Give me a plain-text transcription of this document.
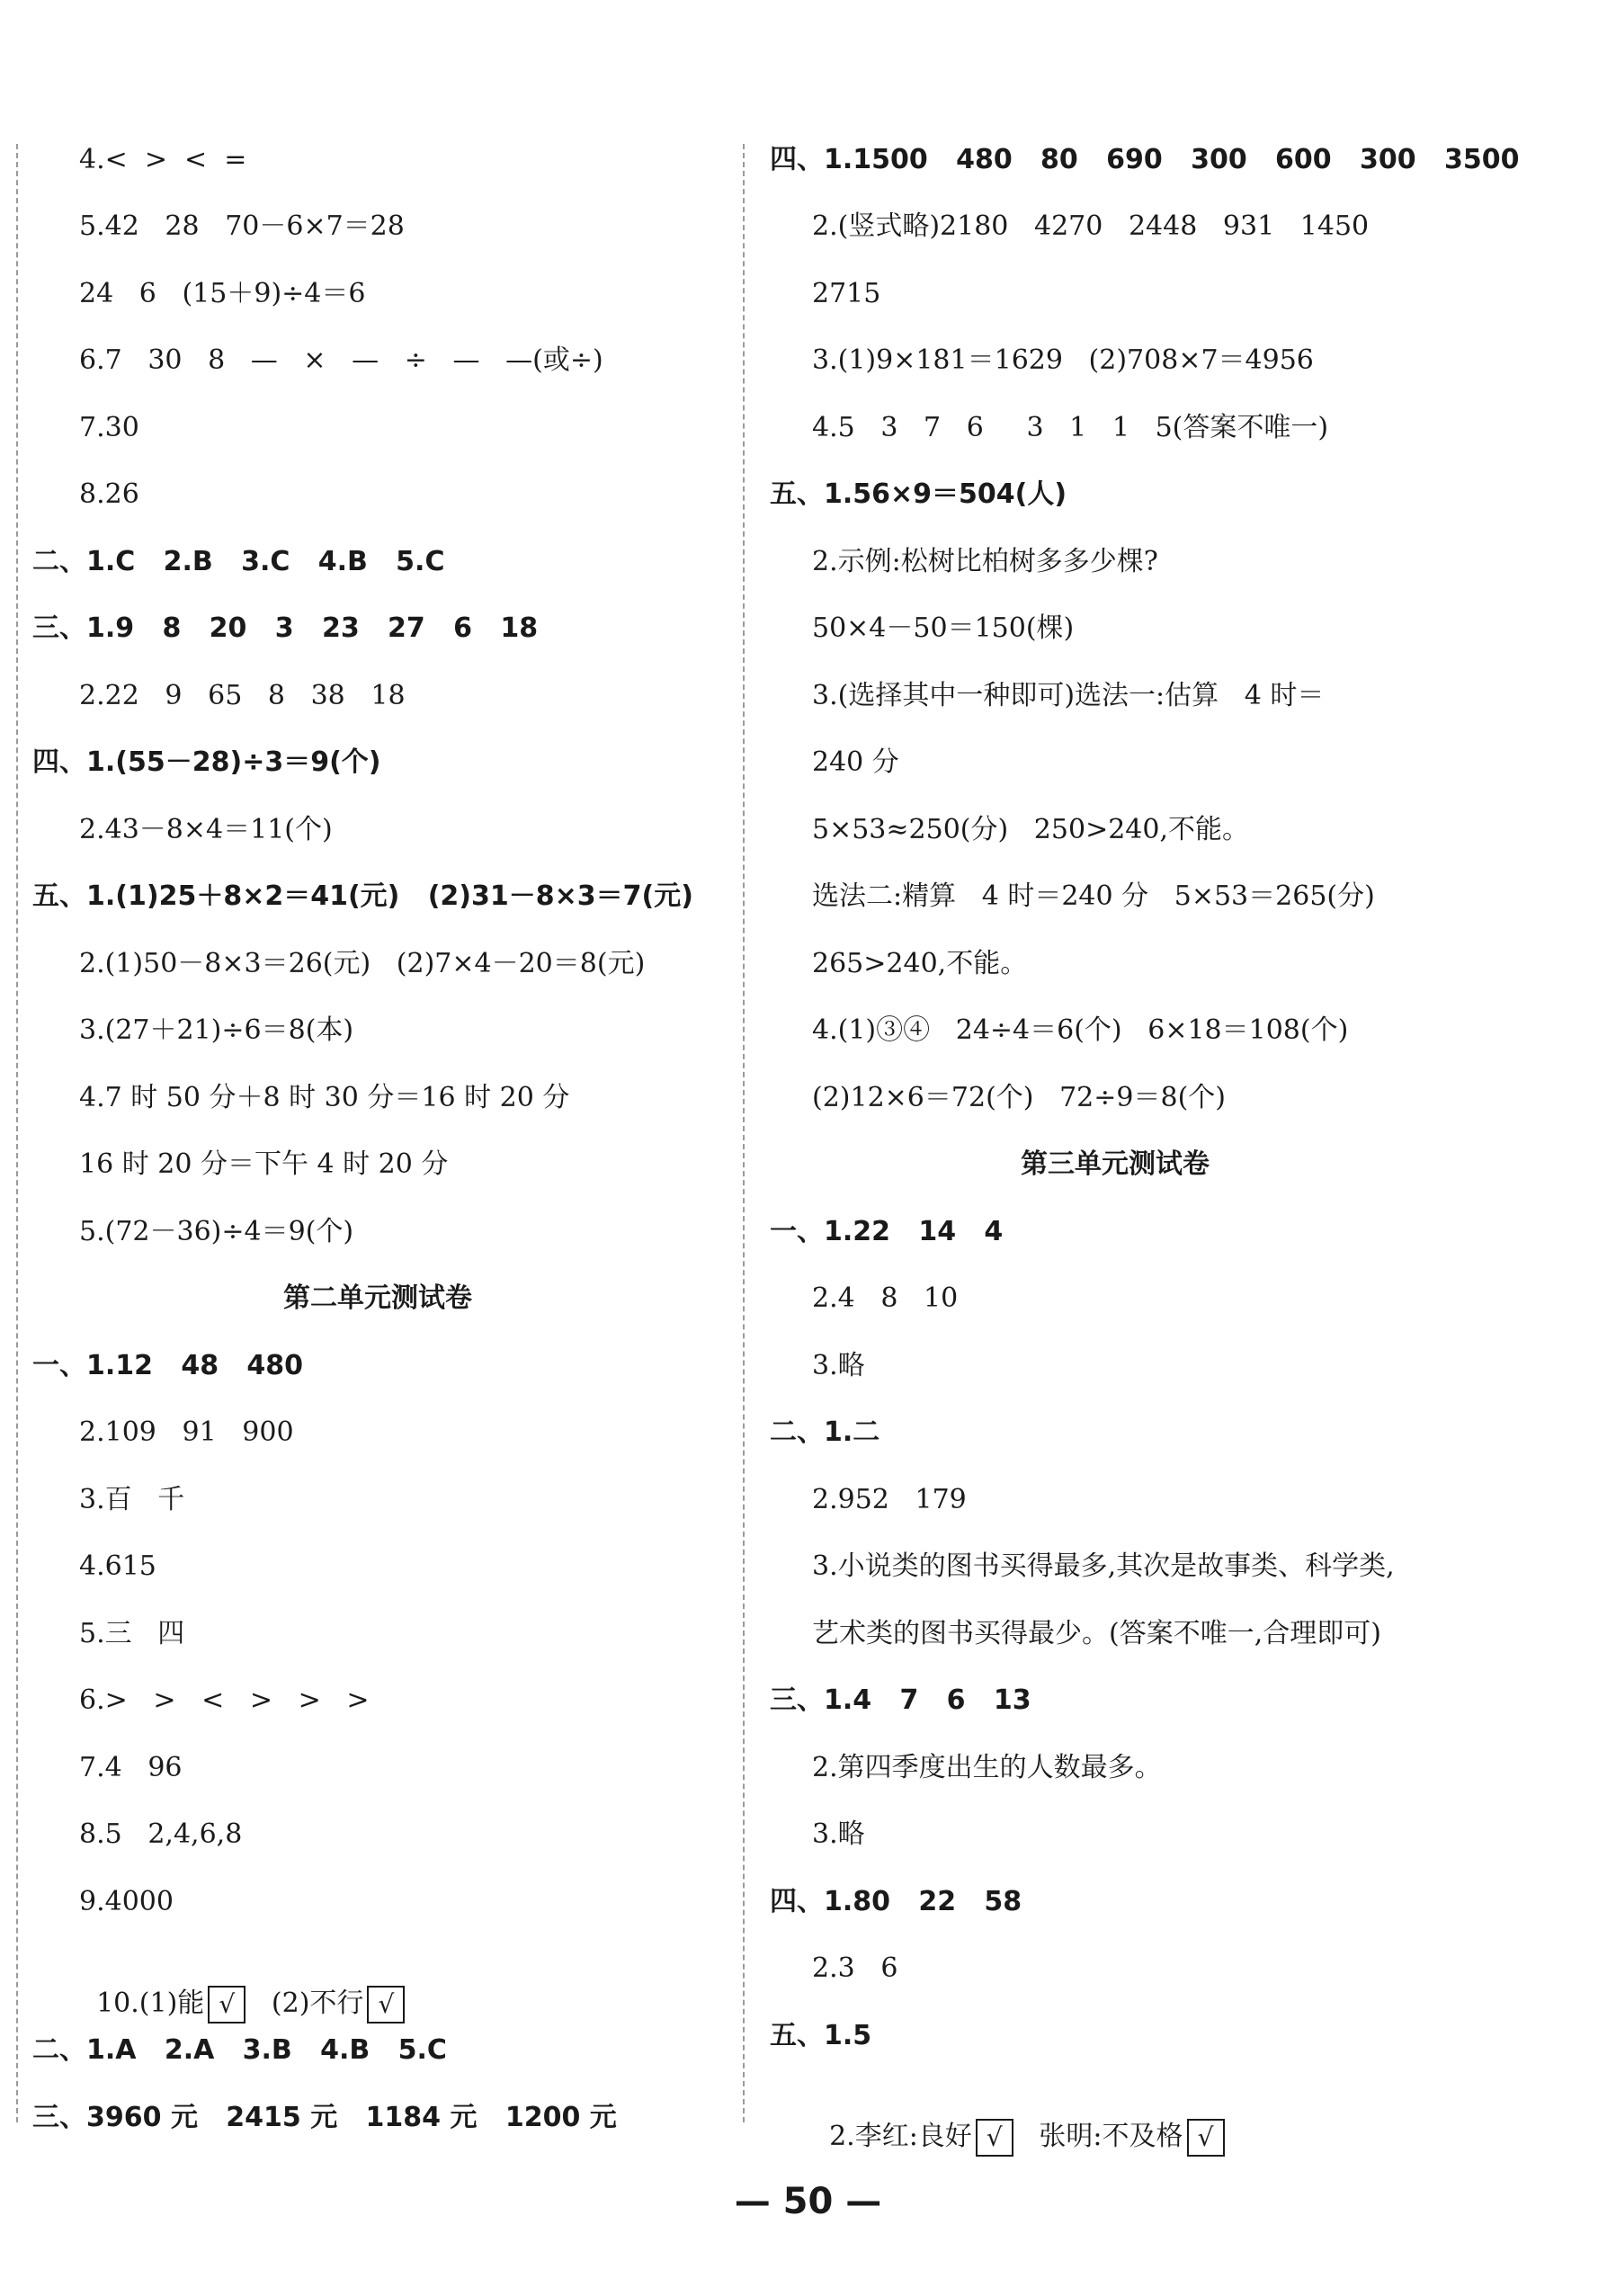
4.<  >  <  =
5.42   28   70－6×7＝28
24   6   (15＋9)÷4＝6
6.7   30   8   —   ×   —   ÷   —   —(或÷)
7.30
8.26
二、1.C   2.B   3.C   4.B   5.C
三、1.9   8   20   3   23   27   6   18
2.22   9   65   8   38   18
四、1.(55－28)÷3＝9(个)
2.43－8×4＝11(个)
五、1.(1)25＋8×2＝41(元)   (2)31－8×3＝7(元)
2.(1)50－8×3＝26(元)   (2)7×4－20＝8(元)
3.(27＋21)÷6＝8(本)
4.7 时 50 分＋8 时 30 分＝16 时 20 分
16 时 20 分＝下午 4 时 20 分
5.(72－36)÷4＝9(个)
第二单元测试卷
一、1.12   48   480
2.109   91   900
3.百   千
4.615
5.三   四
6.>   >   <   >   >   >
7.4   96
8.5   2,4,6,8
9.4000

10.(1)能 √   (2)不行 √

二、1.A   2.A   3.B   4.B   5.C
三、3960 元   2415 元   1184 元   1200 元
四、1.1500   480   80   690   300   600   300   3500
2.(竖式略)2180   4270   2448   931   1450
2715
3.(1)9×181＝1629   (2)708×7＝4956
4.5   3   7   6     3   1   1   5(答案不唯一)
五、1.56×9＝504(人)
2.示例:松树比柏树多多少棵?
50×4－50＝150(棵)
3.(选择其中一种即可)选法一:估算   4 时＝
240 分
5×53≈250(分)   250>240,不能。
选法二:精算   4 时＝240 分   5×53＝265(分)
265>240,不能。
4.(1)③④   24÷4＝6(个)   6×18＝108(个)
(2)12×6＝72(个)   72÷9＝8(个)
第三单元测试卷
一、1.22   14   4
2.4   8   10
3.略
二、1.二
2.952   179
3.小说类的图书买得最多,其次是故事类、科学类,
艺术类的图书买得最少。(答案不唯一,合理即可)
三、1.4   7   6   13
2.第四季度出生的人数最多。
3.略
四、1.80   22   58
2.3   6
五、1.5

2.李红:良好 √   张明:不及格 √

— 50 —
